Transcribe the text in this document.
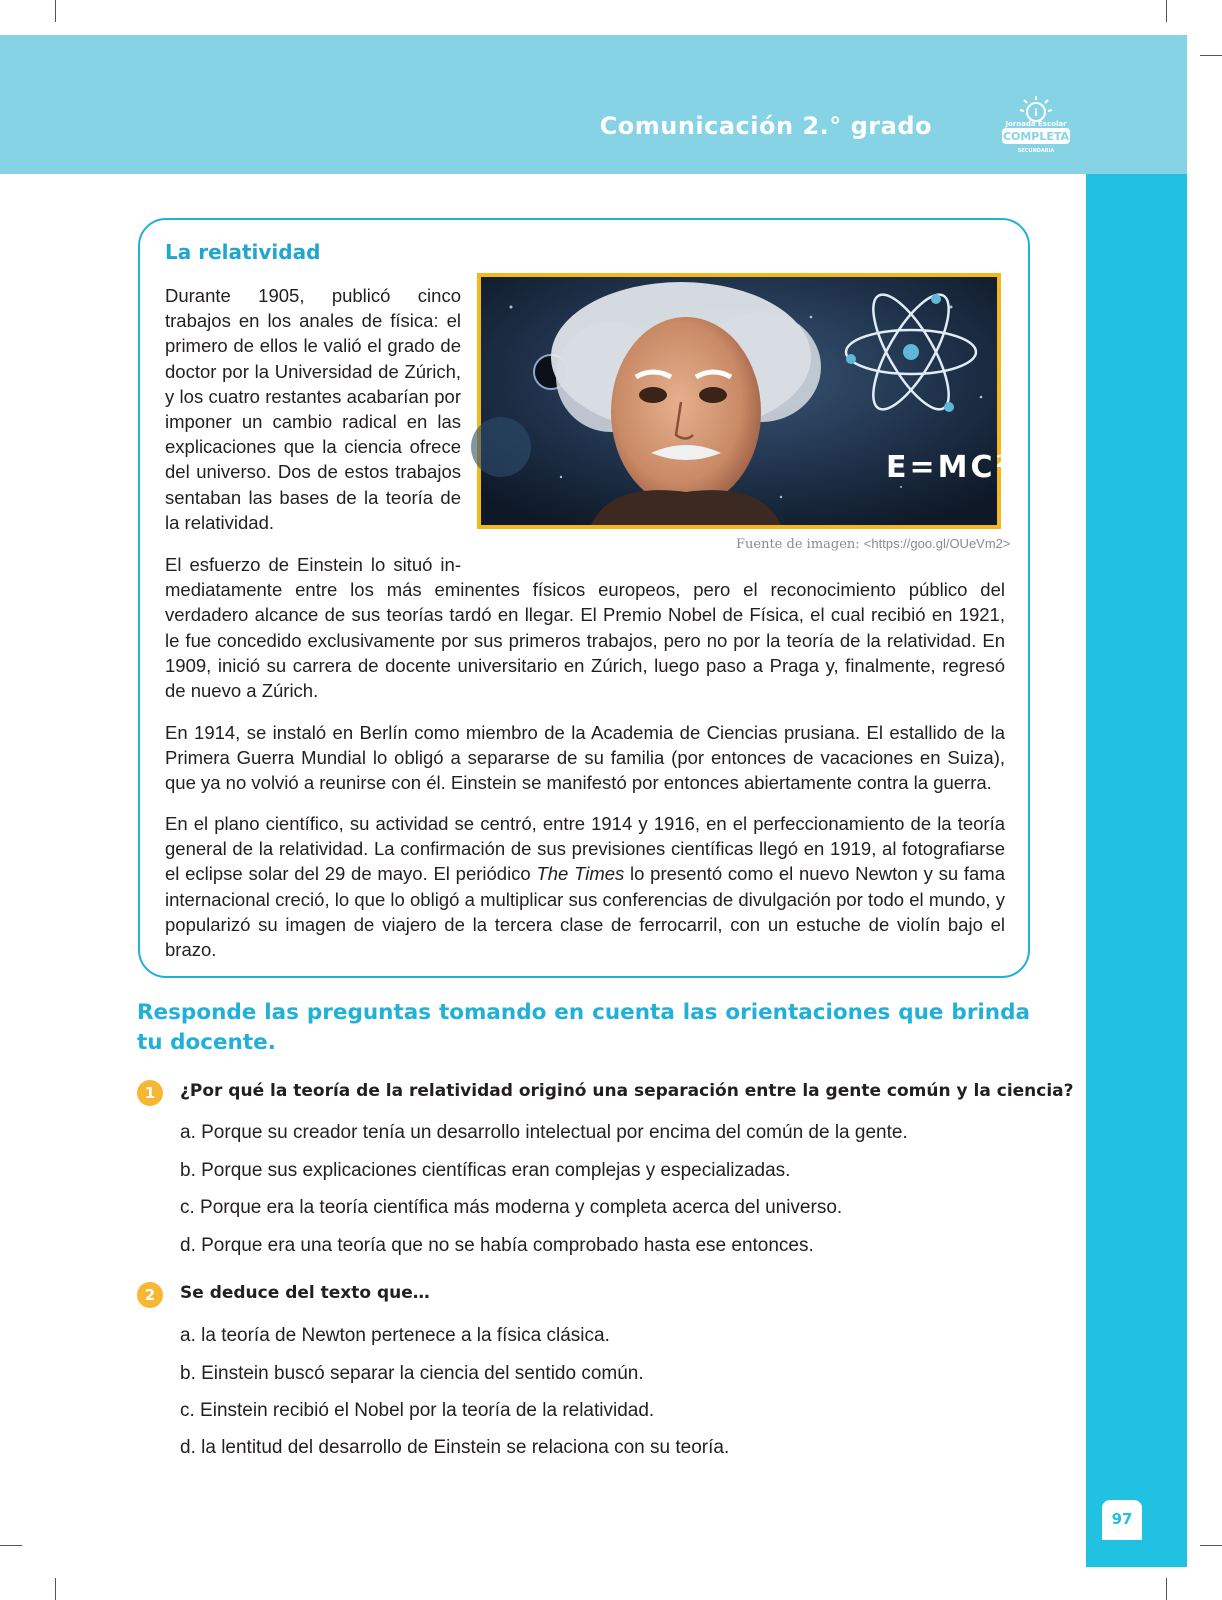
Comunicación 2.° grado	i
COMPLETA
Jornada Escolar
SECUNDARIA
97
La relatividad

Durante 1905, publicó cinco trabajos en los anales de física: el primero de ellos le valió el grado de doctor por la Universidad de Zúrich, y los cuatro restantes acabarían por imponer un cambio radical en las explicaciones que la ciencia ofrece del universo. Dos de estos trabajos sentaban las bases de la teoría de la relatividad.

E=MC²
Fuente de imagen: <https://goo.gl/OUeVm2>

El esfuerzo de Einstein lo situó in-
mediatamente entre los más eminentes físicos europeos, pero el reconocimiento público del verdadero alcance de sus teorías tardó en llegar. El Premio Nobel de Física, el cual recibió en 1921, le fue concedido exclusivamente por sus primeros trabajos, pero no por la teoría de la relatividad. En 1909, inició su carrera de docente universitario en Zúrich, luego paso a Praga y, finalmente, regresó de nuevo a Zúrich.

En 1914, se instaló en Berlín como miembro de la Academia de Ciencias prusiana. El estallido de la Primera Guerra Mundial lo obligó a separarse de su familia (por entonces de vacaciones en Suiza), que ya no volvió a reunirse con él. Einstein se manifestó por entonces abiertamente contra la guerra.

En el plano científico, su actividad se centró, entre 1914 y 1916, en el perfeccionamiento de la teoría general de la relatividad. La confirmación de sus previsiones científicas llegó en 1919, al fotografiarse el eclipse solar del 29 de mayo. El periódico The Times lo presentó como el nuevo Newton y su fama internacional creció, lo que lo obligó a multiplicar sus conferencias de divulgación por todo el mundo, y popularizó su imagen de viajero de la tercera clase de ferrocarril, con un estuche de violín bajo el brazo.

Responde las preguntas tomando en cuenta las orientaciones que brinda tu docente.
1	¿Por qué la teoría de la relatividad originó una separación entre la gente común y la ciencia?
a. Porque su creador tenía un desarrollo intelectual por encima del común de la gente.
b. Porque sus explicaciones científicas eran complejas y especializadas.
c. Porque era la teoría científica más moderna y completa acerca del universo.
d. Porque era una teoría que no se había comprobado hasta ese entonces.
2	Se deduce del texto que…
a. la teoría de Newton pertenece a la física clásica.
b. Einstein buscó separar la ciencia del sentido común.
c. Einstein recibió el Nobel por la teoría de la relatividad.
d. la lentitud del desarrollo de Einstein se relaciona con su teoría.
